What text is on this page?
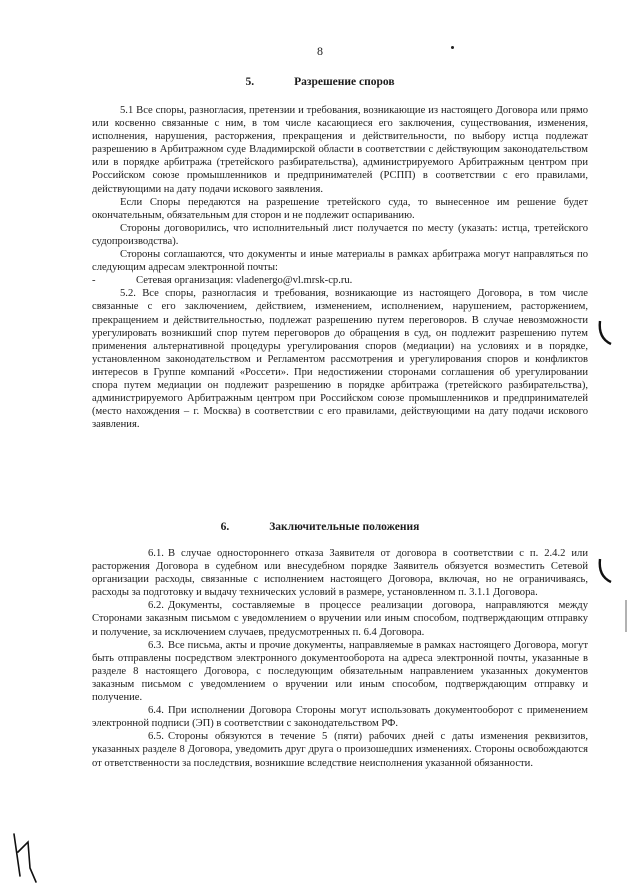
8
5.	Разрешение споров

5.1 Все споры, разногласия, претензии и требования, возникающие из настоящего Договора или прямо или косвенно связанные с ним, в том числе касающиеся его заключения, существования, изменения, исполнения, нарушения, расторжения, прекращения и действительности, по выбору истца подлежат разрешению в Арбитражном суде Владимирской области в соответствии с действующим законодательством или в порядке арбитража (третейского разбирательства), администрируемого Арбитражным центром при Российском союзе промышленников и предпринимателей (РСПП) в соответствии с его правилами, действующими на дату подачи искового заявления.

Если Споры передаются на разрешение третейского суда, то вынесенное им решение будет окончательным, обязательным для сторон и не подлежит оспариванию.

Стороны договорились, что исполнительный лист получается по месту (указать: истца, третейского судопроизводства).

Стороны соглашаются, что документы и иные материалы в рамках арбитража могут направляться по следующим адресам электронной почты:

-	Сетевая организация: vladenergo@vl.mrsk-cp.ru.

5.2. Все споры, разногласия и требования, возникающие из настоящего Договора, в том числе связанные с его заключением, действием, изменением, исполнением, нарушением, расторжением, прекращением и действительностью, подлежат разрешению путем переговоров. В случае невозможности урегулировать возникший спор путем переговоров до обращения в суд, он подлежит разрешению путем применения альтернативной процедуры урегулирования споров (медиации) на условиях и в порядке, установленном законодательством и Регламентом рассмотрения и урегулирования споров и конфликтов интересов в Группе компаний «Россети». При недостижении сторонами соглашения об урегулировании спора путем медиации он подлежит разрешению в порядке арбитража (третейского разбирательства), администрируемого Арбитражным центром при Российском союзе промышленников и предпринимателей (место нахождения – г. Москва) в соответствии с его правилами, действующими на дату подачи искового заявления.

6.	Заключительные положения

6.1. В случае одностороннего отказа Заявителя от договора в соответствии с п. 2.4.2 или расторжения Договора в судебном или внесудебном порядке Заявитель обязуется возместить Сетевой организации расходы, связанные с исполнением настоящего Договора, включая, но не ограничиваясь, расходы за подготовку и выдачу технических условий в размере, установленном п. 3.1.1 Договора.

6.2. Документы, составляемые в процессе реализации договора, направляются между Сторонами заказным письмом с уведомлением о вручении или иным способом, подтверждающим отправку и получение, за исключением случаев, предусмотренных п. 6.4 Договора.

6.3. Все письма, акты и прочие документы, направляемые в рамках настоящего Договора, могут быть отправлены посредством электронного документооборота на адреса электронной почты, указанные в разделе 8 настоящего Договора, с последующим обязательным направлением указанных документов заказным письмом с уведомлением о вручении или иным способом, подтверждающим отправку и получение.

6.4. При исполнении Договора Стороны могут использовать документооборот с применением электронной подписи (ЭП) в соответствии с законодательством РФ.

6.5. Стороны обязуются в течение 5 (пяти) рабочих дней с даты изменения реквизитов, указанных разделе 8 Договора, уведомить друг друга о произошедших изменениях. Стороны освобождаются от ответственности за последствия, возникшие вследствие неисполнения указанной обязанности.
